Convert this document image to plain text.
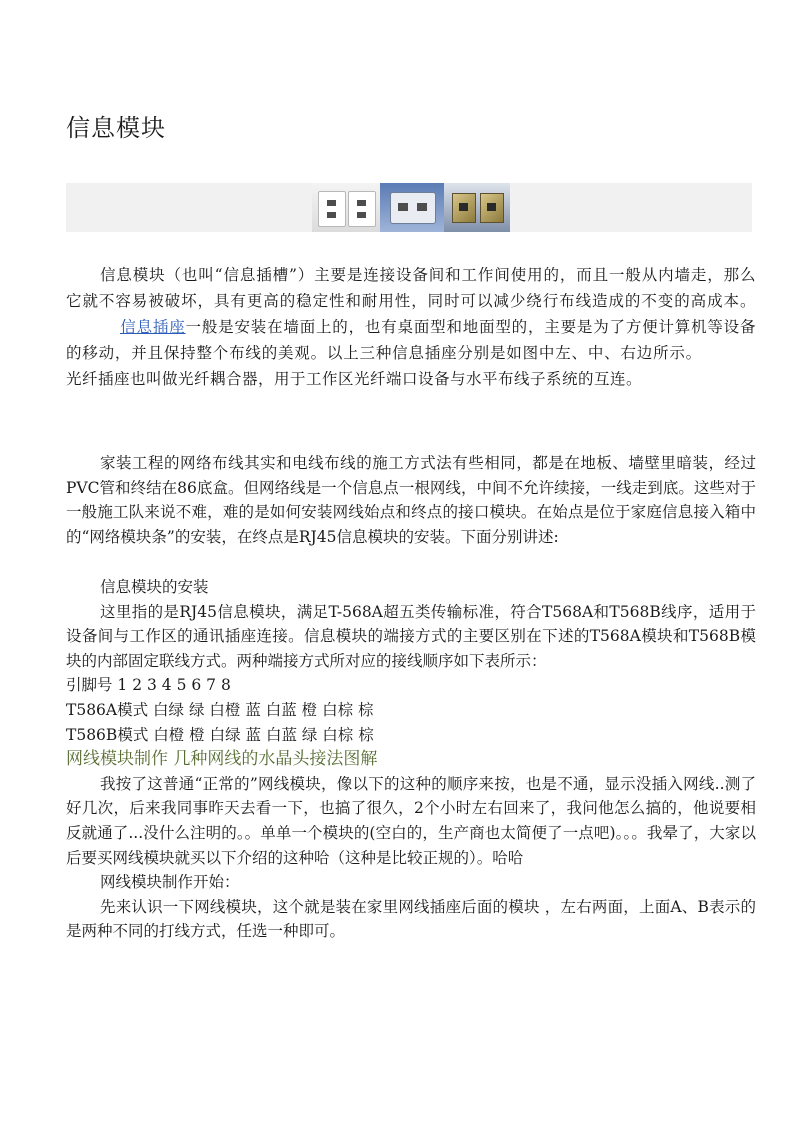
信息模块

信息模块（也叫“信息插槽”）主要是连接设备间和工作间使用的，而且一般从内墙走，那么它就不容易被破坏，具有更高的稳定性和耐用性，同时可以减少绕行布线造成的不变的高成本。信息插座一般是安装在墙面上的，也有桌面型和地面型的，主要是为了方便计算机等设备的移动，并且保持整个布线的美观。以上三种信息插座分别是如图中左、中、右边所示。光纤插座也叫做光纤耦合器，用于工作区光纤端口设备与水平布线子系统的互连。

家装工程的网络布线其实和电线布线的施工方式法有些相同，都是在地板、墙壁里暗装，经过PVC管和终结在86底盒。但网络线是一个信息点一根网线，中间不允许续接，一线走到底。这些对于一般施工队来说不难，难的是如何安装网线始点和终点的接口模块。在始点是位于家庭信息接入箱中的“网络模块条”的安装，在终点是RJ45信息模块的安装。下面分别讲述:

信息模块的安装
这里指的是RJ45信息模块，满足T-568A超五类传输标准，符合T568A和T568B线序，适用于设备间与工作区的通讯插座连接。信息模块的端接方式的主要区别在下述的T568A模块和T568B模块的内部固定联线方式。两种端接方式所对应的接线顺序如下表所示：
引脚号 1 2 3 4 5 6 7 8
T586A模式 白绿 绿 白橙 蓝 白蓝 橙 白棕 棕
T586B模式 白橙 橙 白绿 蓝 白蓝 绿 白棕 棕
网线模块制作 几种网线的水晶头接法图解
我按了这普通“正常的”网线模块，像以下的这种的顺序来按，也是不通，显示没插入网线..测了好几次，后来我同事昨天去看一下，也搞了很久，2个小时左右回来了，我问他怎么搞的，他说要相反就通了...没什么注明的。。单单一个模块的(空白的，生产商也太简便了一点吧)。。。我晕了，大家以后要买网线模块就买以下介绍的这种哈（这种是比较正规的）。哈哈
网线模块制作开始：
先来认识一下网线模块，这个就是装在家里网线插座后面的模块 ，左右两面，上面A、B表示的是两种不同的打线方式，任选一种即可。
